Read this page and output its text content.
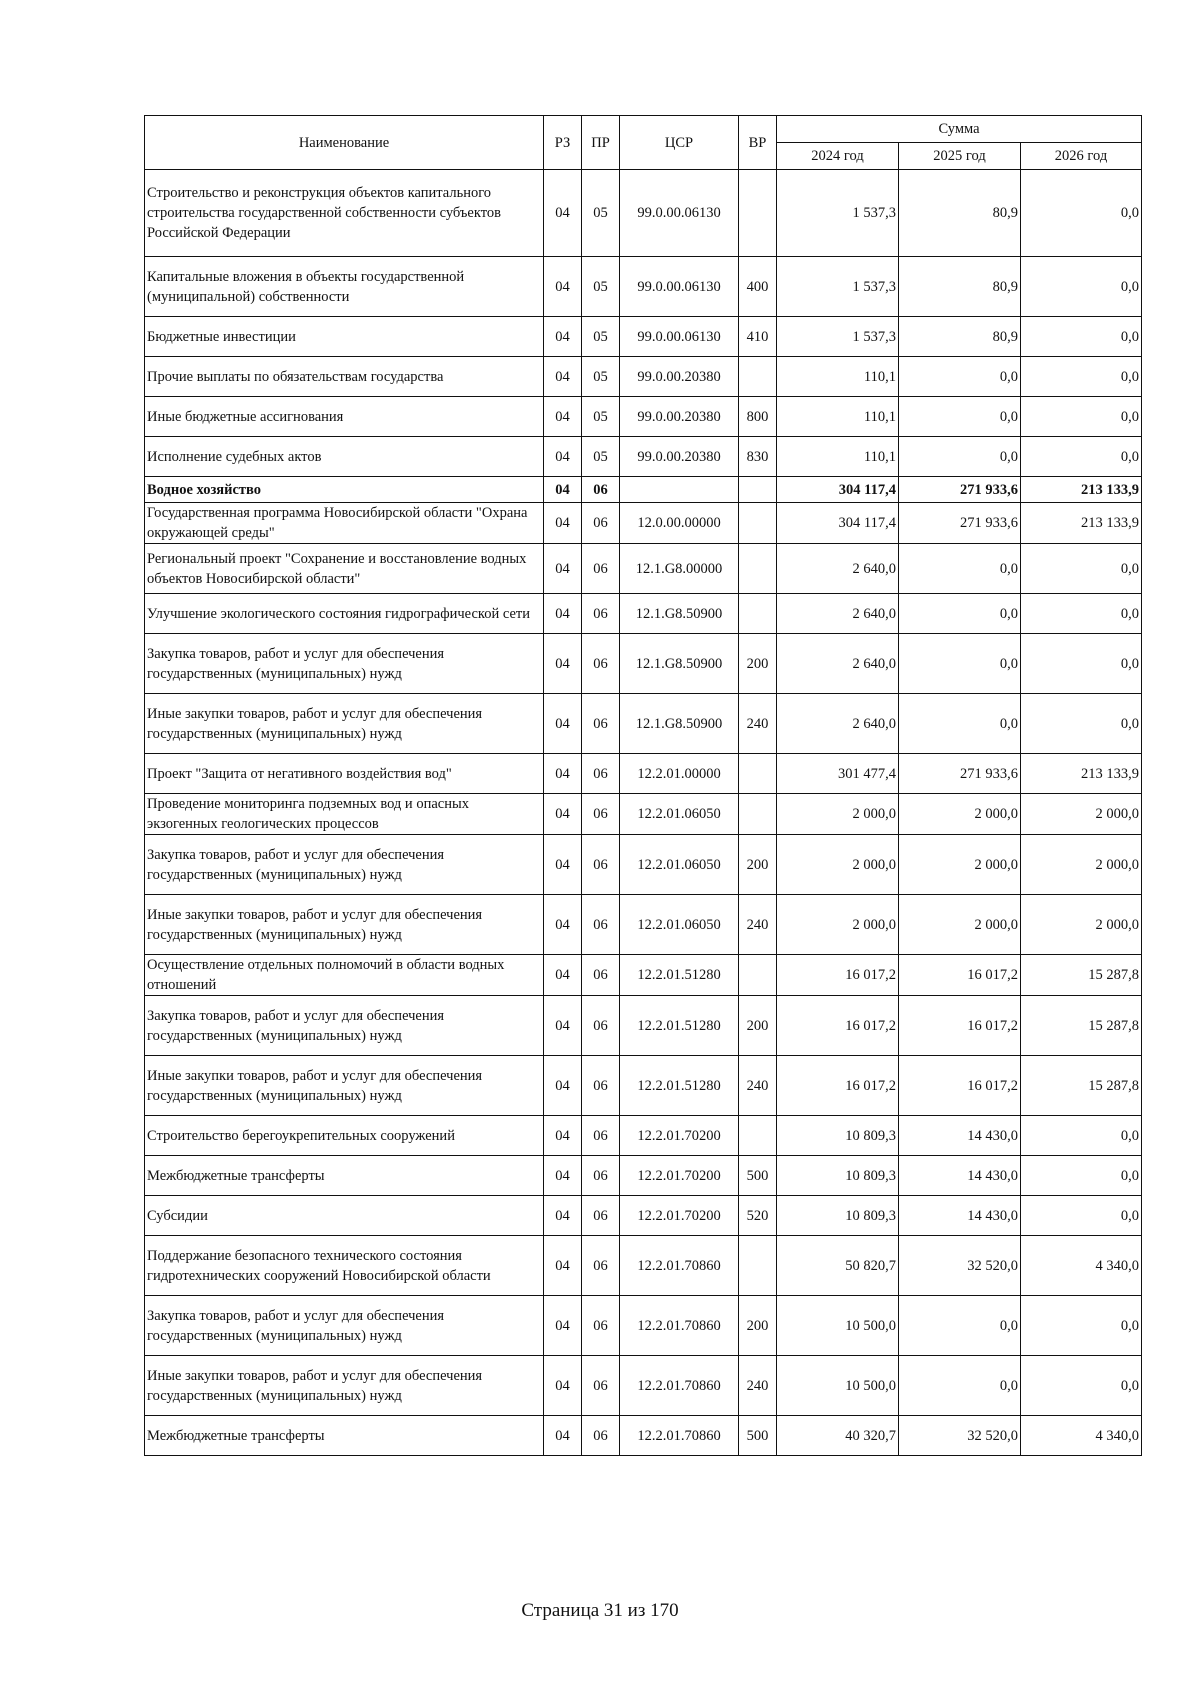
Наименование	РЗ	ПР	ЦСР	ВР	Сумма		
					2024 год	2025 год	2026 год
Строительство и реконструкция объектов капитального строительства государственной собственности субъектов Российской Федерации	04	05	99.0.00.06130		1 537,3	80,9	0,0
Капитальные вложения в объекты государственной (муниципальной) собственности	04	05	99.0.00.06130	400	1 537,3	80,9	0,0
Бюджетные инвестиции	04	05	99.0.00.06130	410	1 537,3	80,9	0,0
Прочие выплаты по обязательствам государства	04	05	99.0.00.20380		110,1	0,0	0,0
Иные бюджетные ассигнования	04	05	99.0.00.20380	800	110,1	0,0	0,0
Исполнение судебных актов	04	05	99.0.00.20380	830	110,1	0,0	0,0
Водное хозяйство	04	06			304 117,4	271 933,6	213 133,9
Государственная программа Новосибирской области "Охрана окружающей среды"	04	06	12.0.00.00000		304 117,4	271 933,6	213 133,9
Региональный проект "Сохранение и восстановление водных объектов Новосибирской области"	04	06	12.1.G8.00000		2 640,0	0,0	0,0
Улучшение экологического состояния гидрографической сети	04	06	12.1.G8.50900		2 640,0	0,0	0,0
Закупка товаров, работ и услуг для обеспечения государственных (муниципальных) нужд	04	06	12.1.G8.50900	200	2 640,0	0,0	0,0
Иные закупки товаров, работ и услуг для обеспечения государственных (муниципальных) нужд	04	06	12.1.G8.50900	240	2 640,0	0,0	0,0
Проект "Защита от негативного воздействия вод"	04	06	12.2.01.00000		301 477,4	271 933,6	213 133,9
Проведение мониторинга подземных вод и опасных экзогенных геологических процессов	04	06	12.2.01.06050		2 000,0	2 000,0	2 000,0
Закупка товаров, работ и услуг для обеспечения государственных (муниципальных) нужд	04	06	12.2.01.06050	200	2 000,0	2 000,0	2 000,0
Иные закупки товаров, работ и услуг для обеспечения государственных (муниципальных) нужд	04	06	12.2.01.06050	240	2 000,0	2 000,0	2 000,0
Осуществление отдельных полномочий в области водных отношений	04	06	12.2.01.51280		16 017,2	16 017,2	15 287,8
Закупка товаров, работ и услуг для обеспечения государственных (муниципальных) нужд	04	06	12.2.01.51280	200	16 017,2	16 017,2	15 287,8
Иные закупки товаров, работ и услуг для обеспечения государственных (муниципальных) нужд	04	06	12.2.01.51280	240	16 017,2	16 017,2	15 287,8
Строительство берегоукрепительных сооружений	04	06	12.2.01.70200		10 809,3	14 430,0	0,0
Межбюджетные трансферты	04	06	12.2.01.70200	500	10 809,3	14 430,0	0,0
Субсидии	04	06	12.2.01.70200	520	10 809,3	14 430,0	0,0
Поддержание безопасного технического состояния гидротехнических сооружений Новосибирской области	04	06	12.2.01.70860		50 820,7	32 520,0	4 340,0
Закупка товаров, работ и услуг для обеспечения государственных (муниципальных) нужд	04	06	12.2.01.70860	200	10 500,0	0,0	0,0
Иные закупки товаров, работ и услуг для обеспечения государственных (муниципальных) нужд	04	06	12.2.01.70860	240	10 500,0	0,0	0,0
Межбюджетные трансферты	04	06	12.2.01.70860	500	40 320,7	32 520,0	4 340,0
Страница 31 из 170
